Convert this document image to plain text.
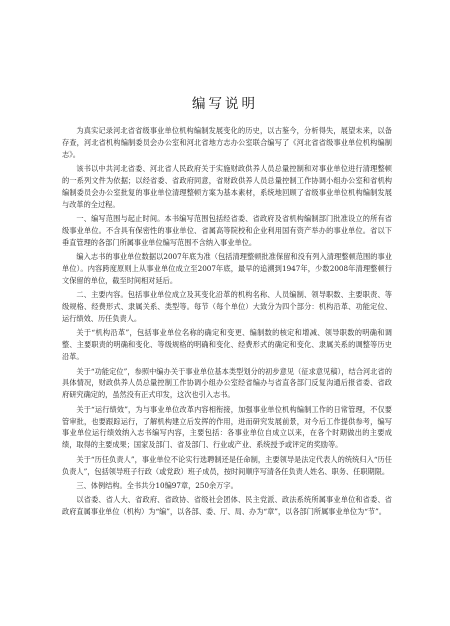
编写说明

为真实记录河北省省级事业单位机构编制发展变化的历史，以古鉴今，分析得失，展望未来，以备存查，河北省机构编制委员会办公室和河北省地方志办公室联合编写了《河北省省级事业单位机构编制志》。

该书以中共河北省委、河北省人民政府关于实施财政供养人员总量控制和对事业单位进行清理整顿的一系列文件为依据；以经省委、省政府同意，省财政供养人员总量控制工作协调小组办公室和省机构编制委员会办公室批复的事业单位清理整顿方案为基本素材，系统地回顾了省级事业单位机构编制发展与改革的全过程。

一、编写范围与起止时间。本书编写范围包括经省委、省政府及省机构编制部门批准设立的所有省级事业单位。不含具有保密性的事业单位、省属高等院校和企业利用国有资产举办的事业单位。省以下垂直管理的各部门所属事业单位编写范围不含纳入事业单位。

编入志书的事业单位数据以2007年底为准（包括清理整顿批准保留和没有列入清理整顿范围的事业单位）。内容跨度原则上从事业单位成立至2007年底，最早的追溯到1947年，少数2008年清理整顿行文保留的单位，截至时间相对延后。

二、主要内容。包括事业单位成立及其变化沿革的机构名称、人员编制、领导职数、主要职责、等级规格、经费形式、隶属关系、类型等。每节（每个单位）大致分为四个部分：机构沿革、功能定位、运行绩效、历任负责人。

关于“机构沿革”，包括事业单位名称的确定和变更、编制数的核定和增减、领导职数的明确和调整、主要职责的明确和变化、等级规格的明确和变化、经费形式的确定和变化、隶属关系的调整等历史沿革。

关于“功能定位”，参照中编办关于事业单位基本类型划分的初步意见（征求意见稿），结合河北省的具体情况，财政供养人员总量控制工作协调小组办公室经省编办与省直各部门反复沟通后报省委、省政府研究确定的，虽然没有正式印发，这次也引入志书。

关于“运行绩效”，为与事业单位改革内容相衔接，加强事业单位机构编制工作的日常管理，不仅要管审批，也要跟踪运行，了解机构建立后发挥的作用，进而研究发展前景，对今后工作提供参考，编写事业单位运行绩效纳入志书编写内容，主要包括：各事业单位自成立以来，在各个时期做出的主要成绩，取得的主要成果；国家及部门、省及部门、行业或产业、系统授予或评定的奖励等。

关于“历任负责人”，事业单位不论实行选聘制还是任命制，主要领导是法定代表人的统统归入“历任负责人”，包括领导班子行政（或党政）班子成员，按时间顺序写清各任负责人姓名、职务、任职期限。

三、体例结构。全书共分10编97章，250余万字。

以省委、省人大、省政府、省政协、省级社会团体、民主党派、政法系统所属事业单位和省委、省政府直属事业单位（机构）为“编”，以各部、委、厅、局、办为“章”，以各部门所属事业单位为“节”。
